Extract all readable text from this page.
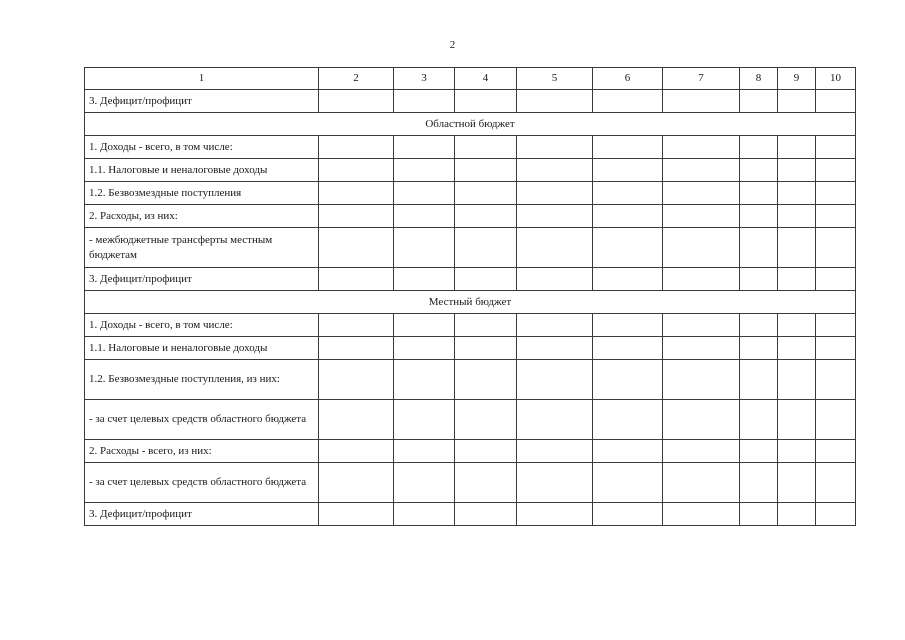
2
1	2	3	4	5	6	7	8	9	10
3. Дефицит/профицит									
Областной бюджет									
1. Доходы - всего, в том числе:									
1.1. Налоговые и неналоговые доходы									
1.2. Безвозмездные поступления									
2. Расходы, из них:									
- межбюджетные трансферты местным бюджетам									
3. Дефицит/профицит									
Местный бюджет									
1. Доходы - всего, в том числе:									
1.1. Налоговые и неналоговые доходы									
1.2. Безвозмездные поступления, из них:									
- за счет целевых средств областного бюджета									
2. Расходы - всего, из них:									
- за счет целевых средств областного бюджета									
3. Дефицит/профицит									
